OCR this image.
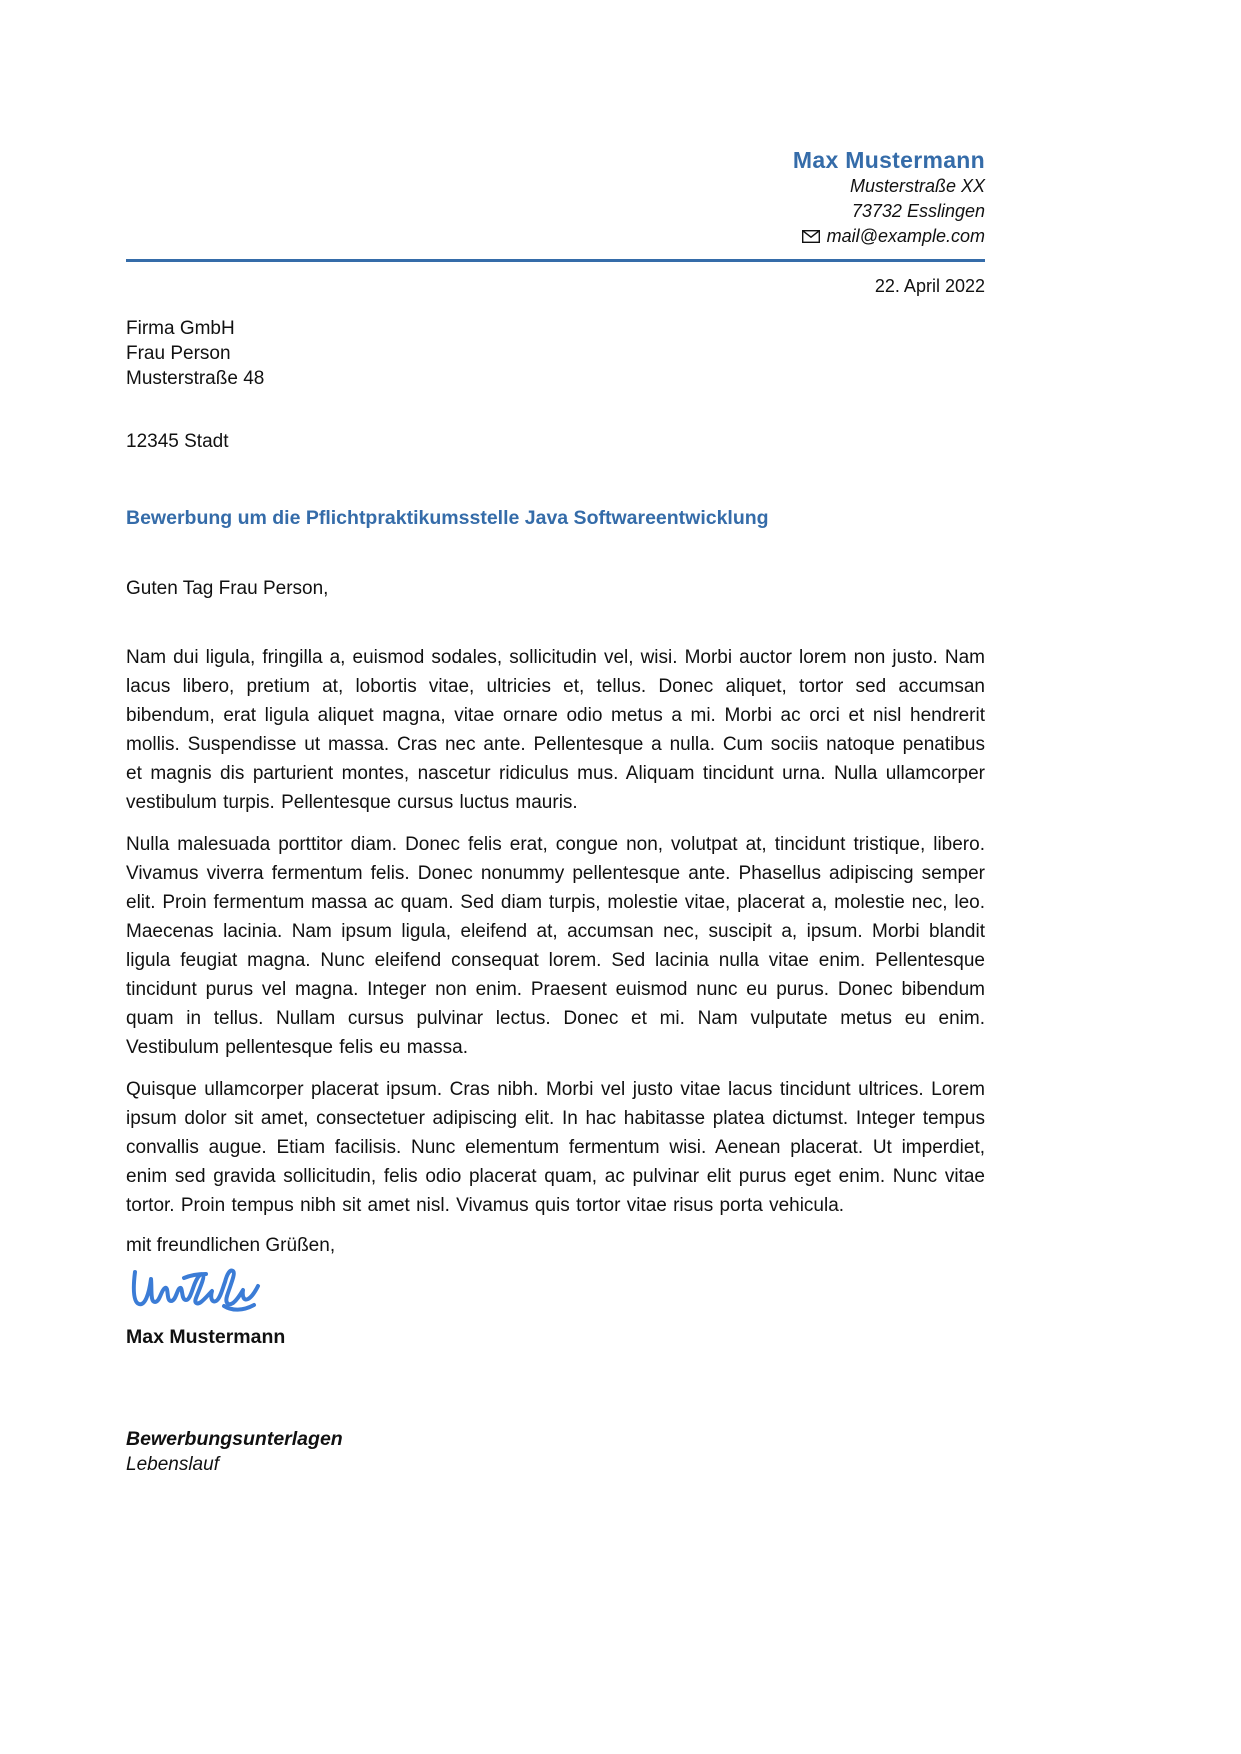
Max Mustermann
Musterstraße XX
73732 Esslingen
mail@example.com
22. April 2022
Firma GmbH
Frau Person
Musterstraße 48
12345 Stadt
Bewerbung um die Pflichtpraktikumsstelle Java Softwareentwicklung
Guten Tag Frau Person,

Nam dui ligula, fringilla a, euismod sodales, sollicitudin vel, wisi. Morbi auctor lorem non justo. Nam lacus libero, pretium at, lobortis vitae, ultricies et, tellus. Donec aliquet, tortor sed accumsan bibendum, erat ligula aliquet magna, vitae ornare odio metus a mi. Morbi ac orci et nisl hendrerit mollis. Suspendisse ut massa. Cras nec ante. Pellentesque a nulla. Cum sociis natoque penatibus et magnis dis parturient montes, nascetur ridiculus mus. Aliquam tincidunt urna. Nulla ullamcorper vestibulum turpis. Pellentesque cursus luctus mauris.

Nulla malesuada porttitor diam. Donec felis erat, congue non, volutpat at, tincidunt tristique, libero. Vivamus viverra fermentum felis. Donec nonummy pellentesque ante. Phasellus adipiscing semper elit. Proin fermentum massa ac quam. Sed diam turpis, molestie vitae, placerat a, molestie nec, leo. Maecenas lacinia. Nam ipsum ligula, eleifend at, accumsan nec, suscipit a, ipsum. Morbi blandit ligula feugiat magna. Nunc eleifend consequat lorem. Sed lacinia nulla vitae enim. Pellentesque tincidunt purus vel magna. Integer non enim. Praesent euismod nunc eu purus. Donec bibendum quam in tellus. Nullam cursus pulvinar lectus. Donec et mi. Nam vulputate metus eu enim. Vestibulum pellentesque felis eu massa.

Quisque ullamcorper placerat ipsum. Cras nibh. Morbi vel justo vitae lacus tincidunt ultrices. Lorem ipsum dolor sit amet, consectetuer adipiscing elit. In hac habitasse platea dictumst. Integer tempus convallis augue. Etiam facilisis. Nunc elementum fermentum wisi. Aenean placerat. Ut imperdiet, enim sed gravida sollicitudin, felis odio placerat quam, ac pulvinar elit purus eget enim. Nunc vitae tortor. Proin tempus nibh sit amet nisl. Vivamus quis tortor vitae risus porta vehicula.

mit freundlichen Grüßen,
Max Mustermann
Bewerbungsunterlagen
Lebenslauf
